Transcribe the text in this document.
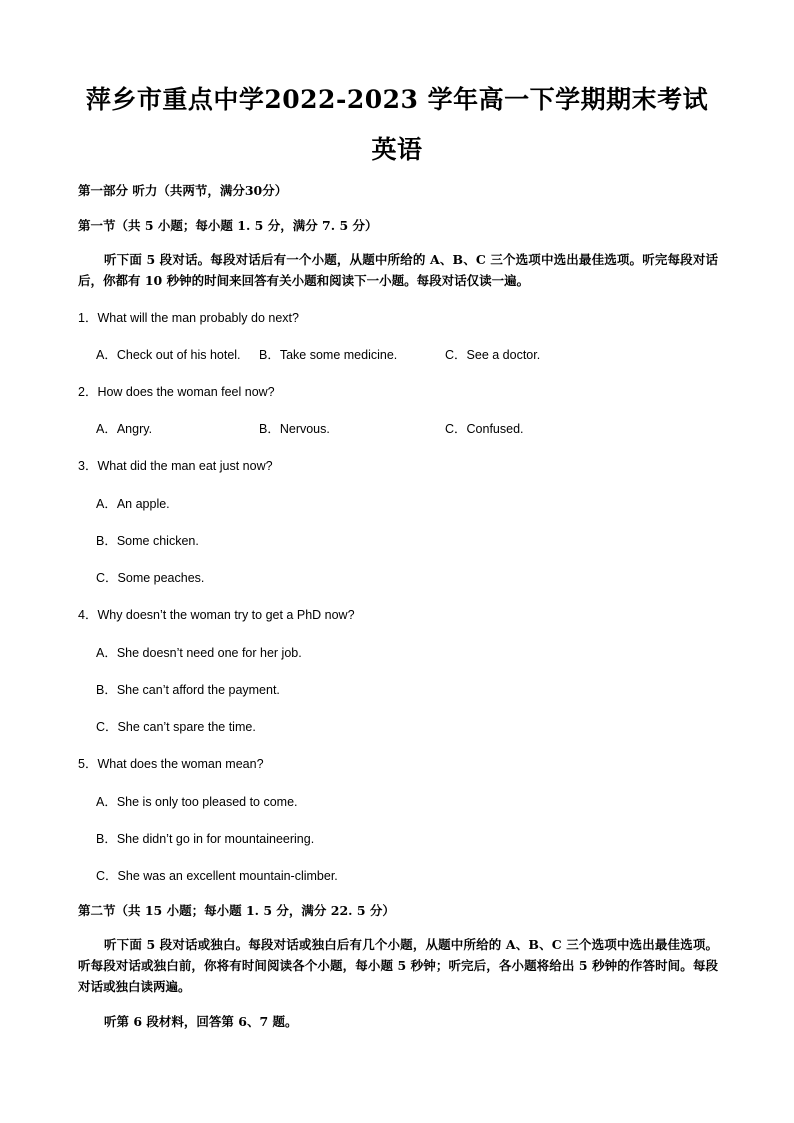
萍乡市重点中学2022-2023 学年高一下学期期末考试
英语
第一部分 听力（共两节，满分30分）
第一节（共 5 小题；每小题 1. 5 分，满分 7. 5 分）
听下面 5 段对话。每段对话后有一个小题，从题中所给的 A、B、C 三个选项中选出最佳选项。听完每段对话后，你都有 10 秒钟的时间来回答有关小题和阅读下一小题。每段对话仅读一遍。
1．What will the man probably do next?
A．Check out of his hotel. B．Take some medicine.	C．See a doctor.
2．How does the woman feel now?
A．Angry.	B．Nervous.	C．Confused.
3．What did the man eat just now?
A．An apple.
B．Some chicken.
C．Some peaches.
4．Why doesn’t the woman try to get a PhD now?
A．She doesn’t need one for her job.
B．She can’t afford the payment.
C．She can’t spare the time.
5．What does the woman mean?
A．She is only too pleased to come.
B．She didn’t go in for mountaineering.
C．She was an excellent mountain-climber.
第二节（共 15 小题；每小题 1. 5 分，满分 22. 5 分）
听下面 5 段对话或独白。每段对话或独白后有几个小题，从题中所给的 A、B、C 三个选项中选出最佳选项。听每段对话或独白前，你将有时间阅读各个小题，每小题 5 秒钟；听完后，各小题将给出 5 秒钟的作答时间。每段对话或独白读两遍。
听第 6 段材料，回答第 6、7 题。
